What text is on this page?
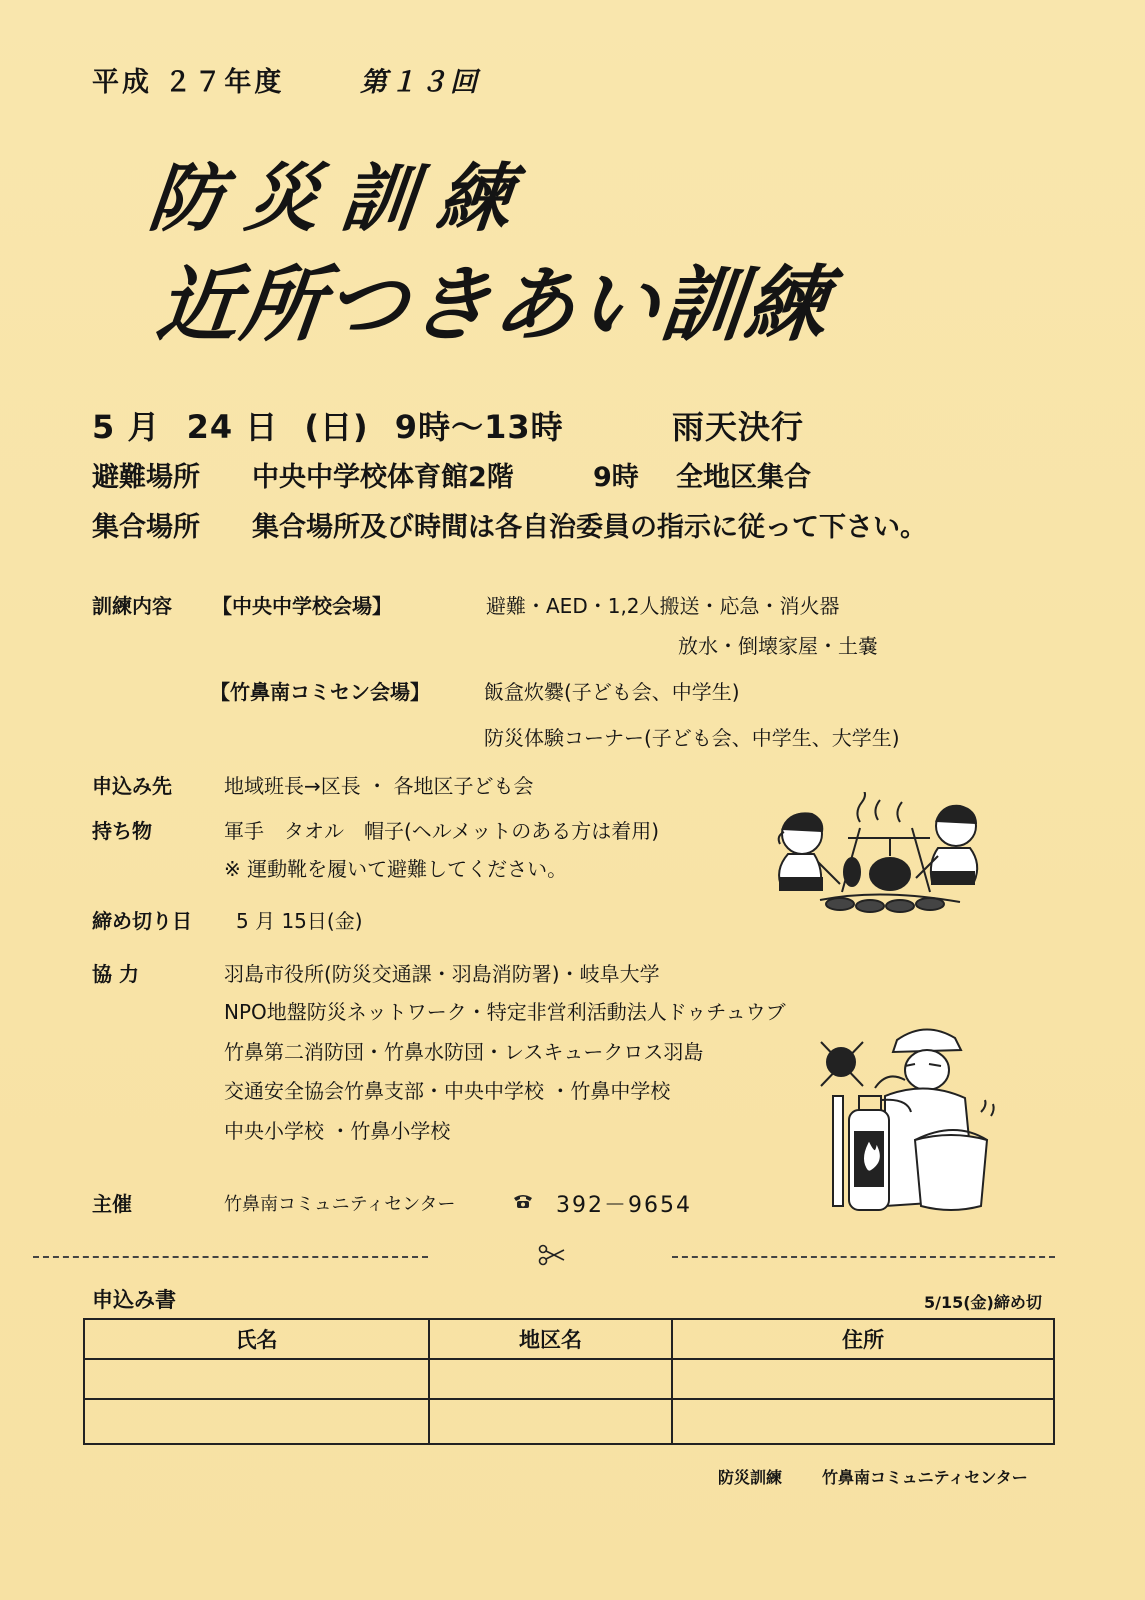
平成 ２７年度	第１３回
防災訓練
近所つきあい訓練
5 月 24 日 (日) 9時～13時	雨天決行
避難場所 中央中学校体育館2階	9時 全地区集合
集合場所 集合場所及び時間は各自治委員の指示に従って下さい。
訓練内容 【中央中学校会場】	避難・AED・1,2人搬送・応急・消火器
放水・倒壊家屋・土嚢
【竹鼻南コミセン会場】	飯盒炊爨(子ども会、中学生)
防災体験コーナー(子ども会、中学生、大学生)
申込み先	地域班長→区長 ・ 各地区子ども会
持ち物	軍手　タオル　帽子(ヘルメットのある方は着用)
※ 運動靴を履いて避難してください。
締め切り日 5 月 15日(金)
協 力	羽島市役所(防災交通課・羽島消防署)・岐阜大学
NPO地盤防災ネットワーク・特定非営利活動法人ドゥチュウブ
竹鼻第二消防団・竹鼻水防団・レスキュークロス羽島
交通安全協会竹鼻支部・中央中学校 ・竹鼻中学校
中央小学校 ・竹鼻小学校
主催	竹鼻南コミュニティセンター	392－9654
申込み書	5/15(金)締め切
氏名	地区名	住所
防災訓練 竹鼻南コミュニティセンター
